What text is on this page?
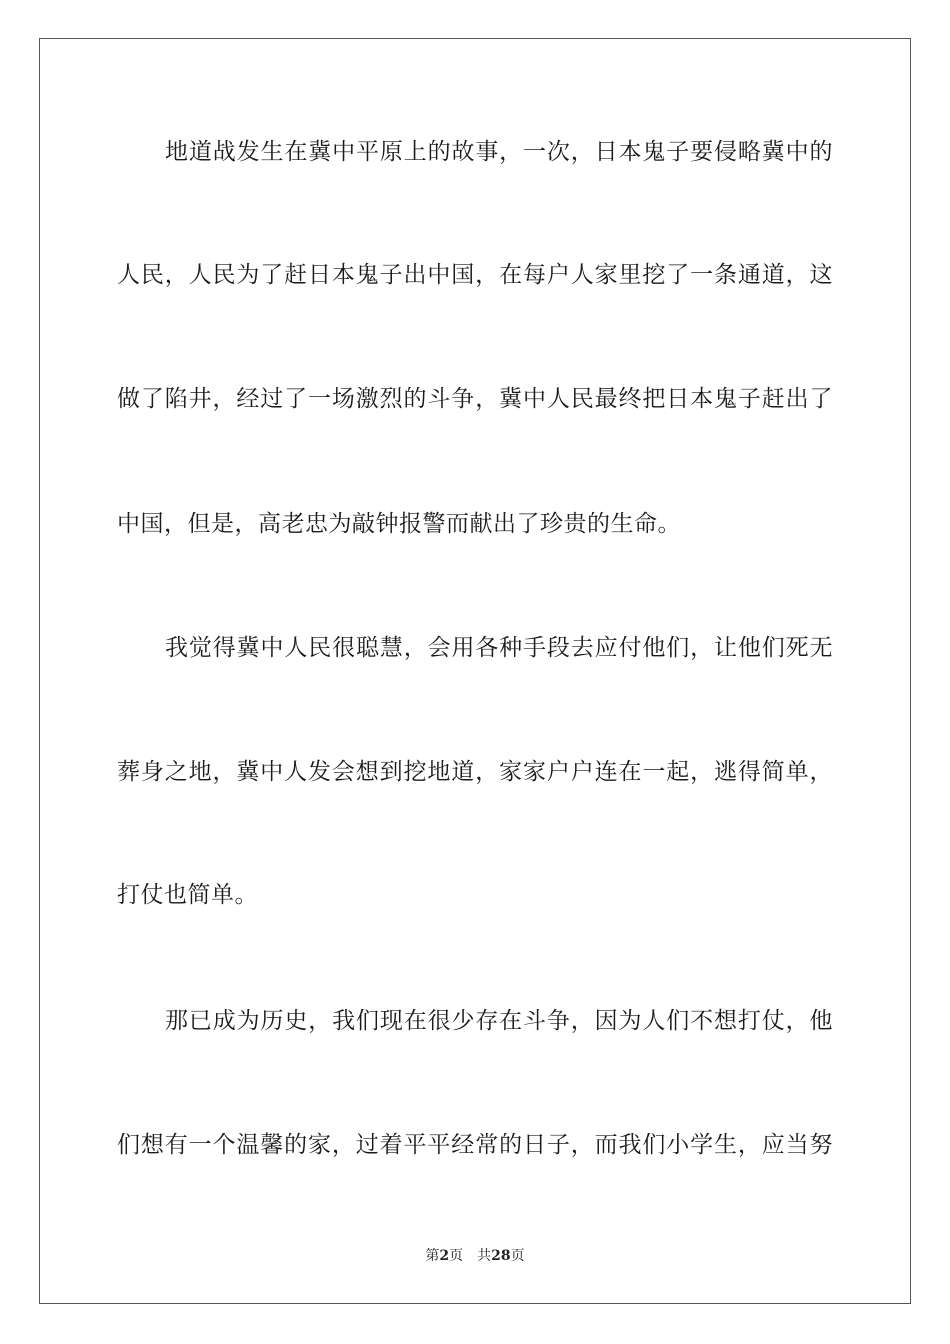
地道战发生在冀中平原上的故事，一次，日本鬼子要侵略冀中的
人民，人民为了赶日本鬼子出中国，在每户人家里挖了一条通道，这
做了陷井，经过了一场激烈的斗争，冀中人民最终把日本鬼子赶出了
中国，但是，高老忠为敲钟报警而献出了珍贵的生命。
我觉得冀中人民很聪慧，会用各种手段去应付他们，让他们死无
葬身之地，冀中人发会想到挖地道，家家户户连在一起，逃得简单，
打仗也简单。
那已成为历史，我们现在很少存在斗争，因为人们不想打仗，他
们想有一个温馨的家，过着平平经常的日子，而我们小学生，应当努
第2页 共28页
